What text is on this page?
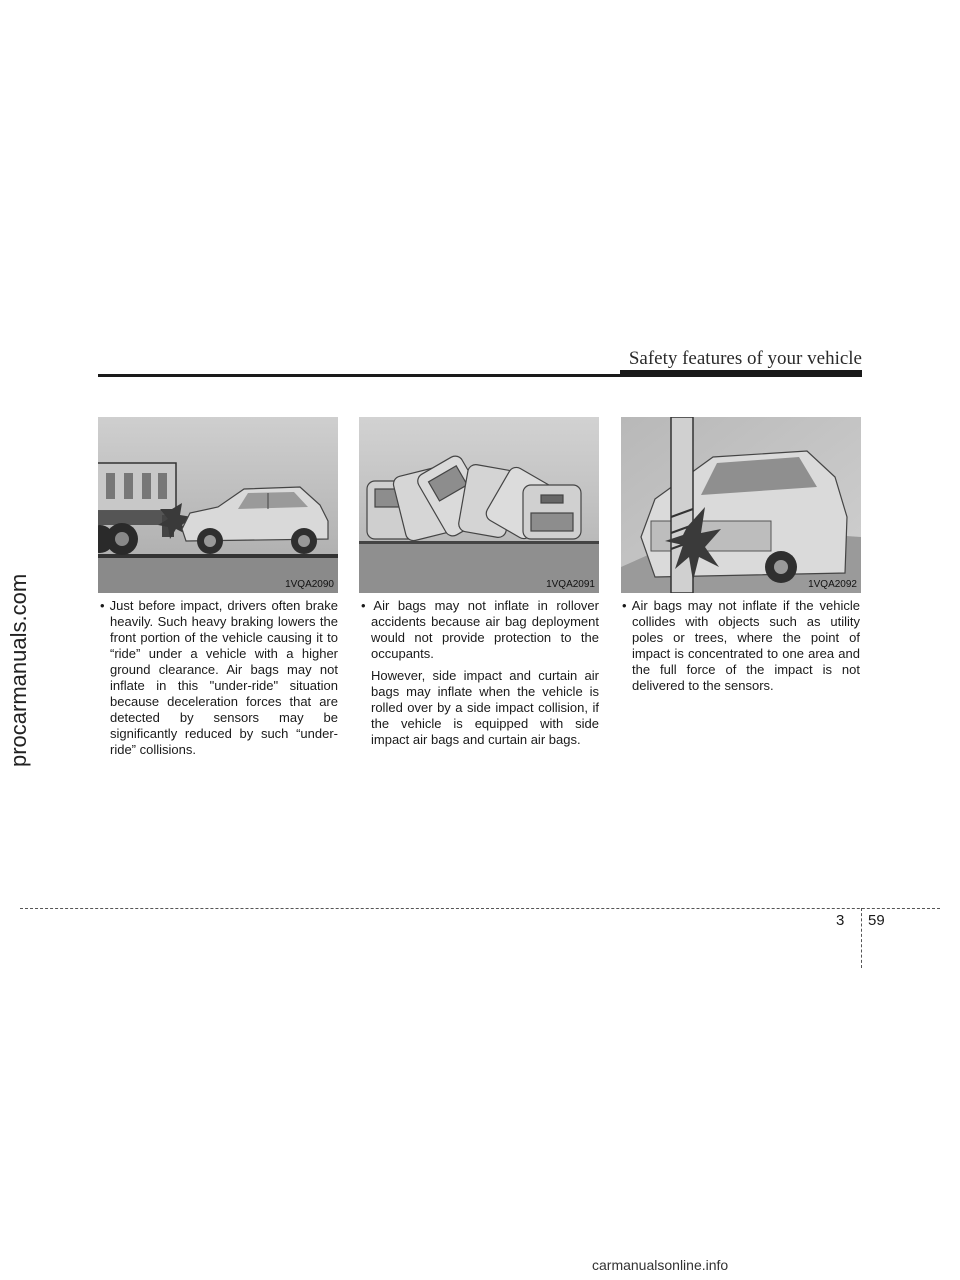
procarmanuals.com
Safety features of your vehicle
1VQA2090	1VQA2091	1VQA2092

• Just before impact, drivers often brake heavily. Such heavy braking lowers the front portion of the vehicle causing it to “ride” under a vehicle with a higher ground clearance. Air bags may not inflate in this "under-ride" situation because deceleration forces that are detected by sensors may be significantly reduced by such “under-ride” collisions.

• Air bags may not inflate in rollover accidents because air bag deployment would not provide protection to the occupants.

However, side impact and curtain air bags may inflate when the vehicle is rolled over by a side impact collision, if the vehicle is equipped with side impact air bags and curtain air bags.

• Air bags may not inflate if the vehicle collides with objects such as utility poles or trees, where the point of impact is concentrated to one area and the full force of the impact is not delivered to the sensors.

3 59
carmanualsonline.info
